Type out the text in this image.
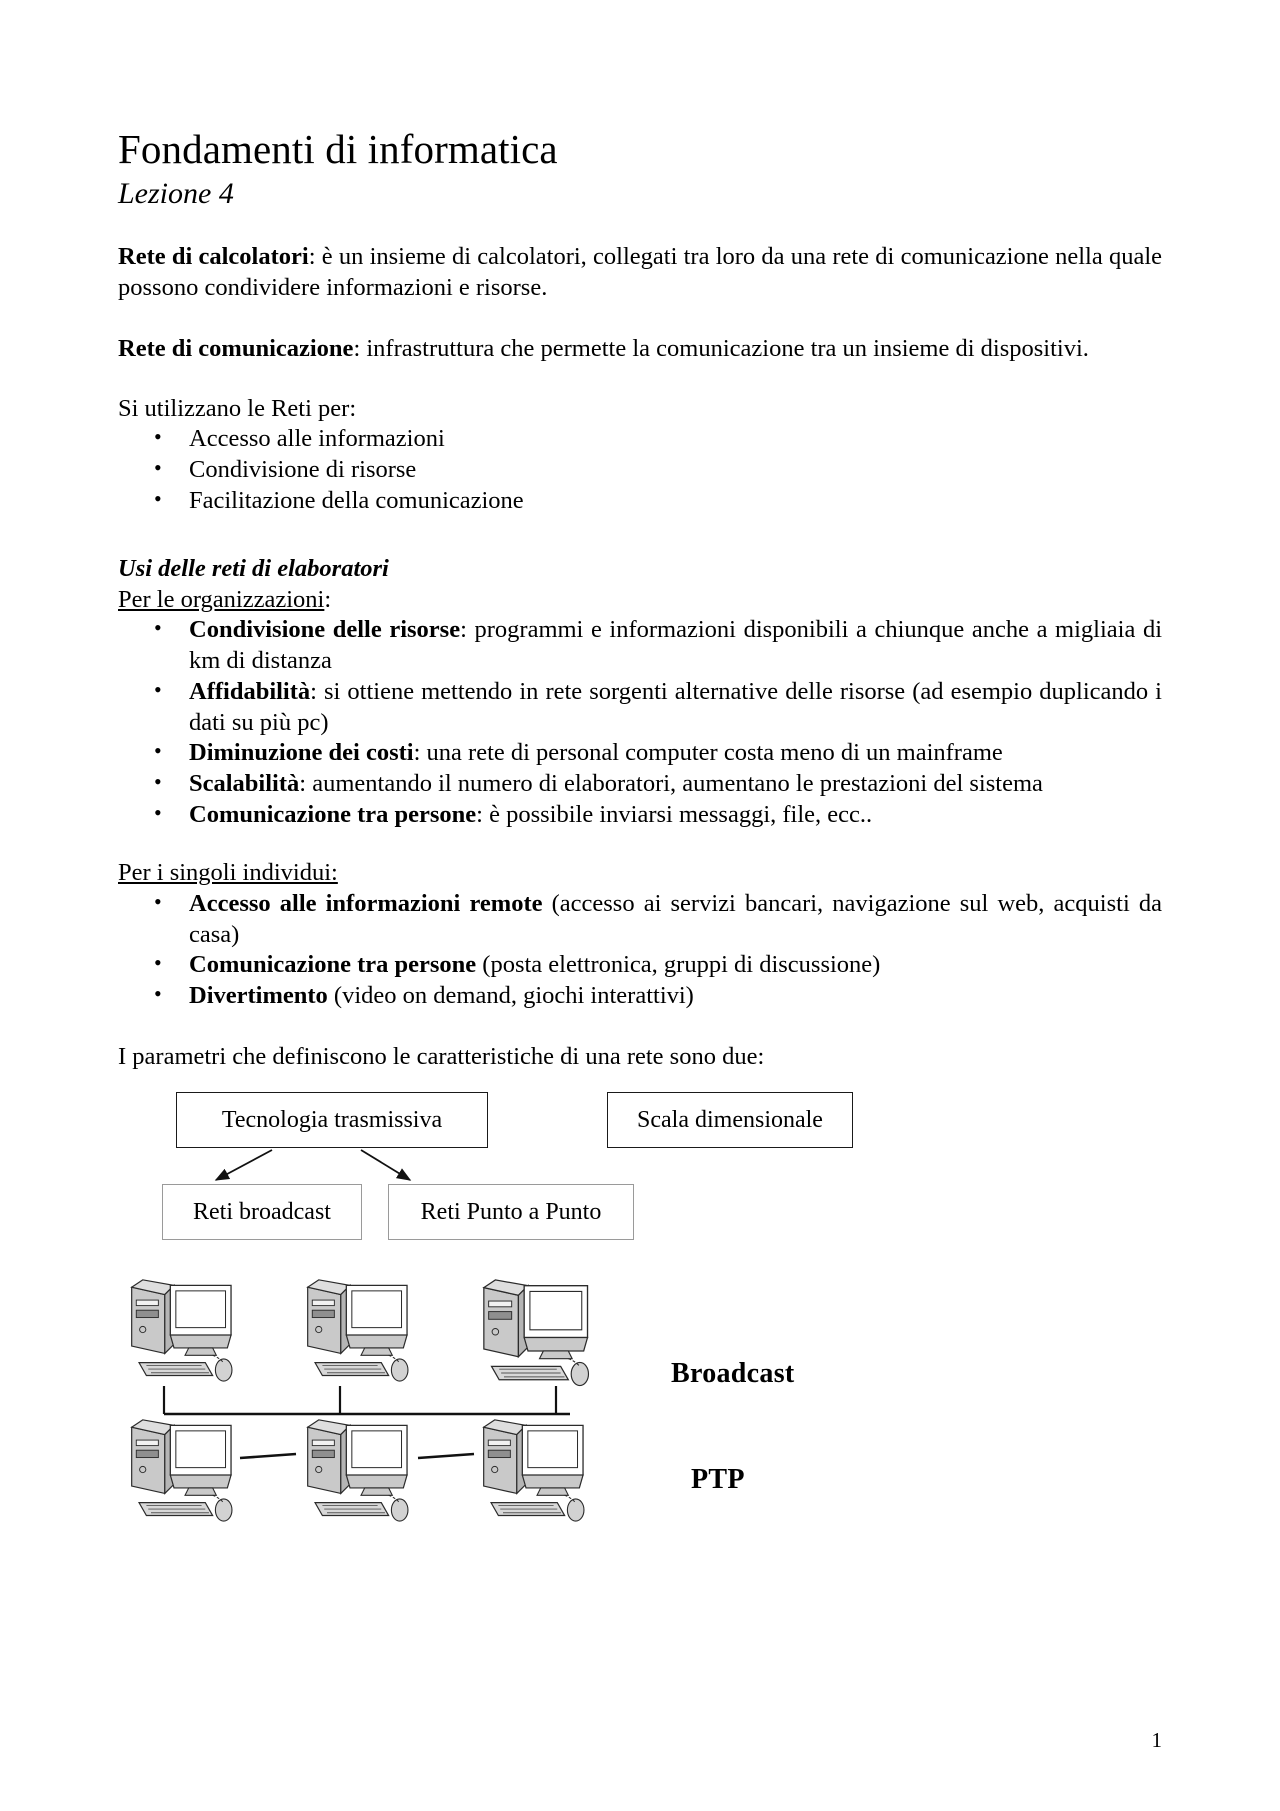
Fondamenti di informatica
Lezione 4

Rete di calcolatori: è un insieme di calcolatori, collegati tra loro da una rete di comunicazione nella quale possono condividere informazioni e risorse.

Rete di comunicazione: infrastruttura che permette la comunicazione tra un insieme di dispositivi.

Si utilizzano le Reti per:

• Accesso alle informazioni
• Condivisione di risorse
• Facilitazione della comunicazione

Usi delle reti di elaboratori

Per le organizzazioni:

• Condivisione delle risorse: programmi e informazioni disponibili a chiunque anche a migliaia di km di distanza
• Affidabilità: si ottiene mettendo in rete sorgenti alternative delle risorse (ad esempio duplicando i dati su più pc)
• Diminuzione dei costi: una rete di personal computer costa meno di un mainframe
• Scalabilità: aumentando il numero di elaboratori, aumentano le prestazioni del sistema
• Comunicazione tra persone: è possibile inviarsi messaggi, file, ecc..

Per i singoli individui:

• Accesso alle informazioni remote (accesso ai servizi bancari, navigazione sul web, acquisti da casa)
• Comunicazione tra persone (posta elettronica, gruppi di discussione)
• Divertimento (video on demand, giochi interattivi)

I parametri che definiscono le caratteristiche di una rete sono due:

Tecnologia trasmissiva	Scala dimensionale
Reti broadcast	Reti Punto a Punto
Broadcast
PTP
1
